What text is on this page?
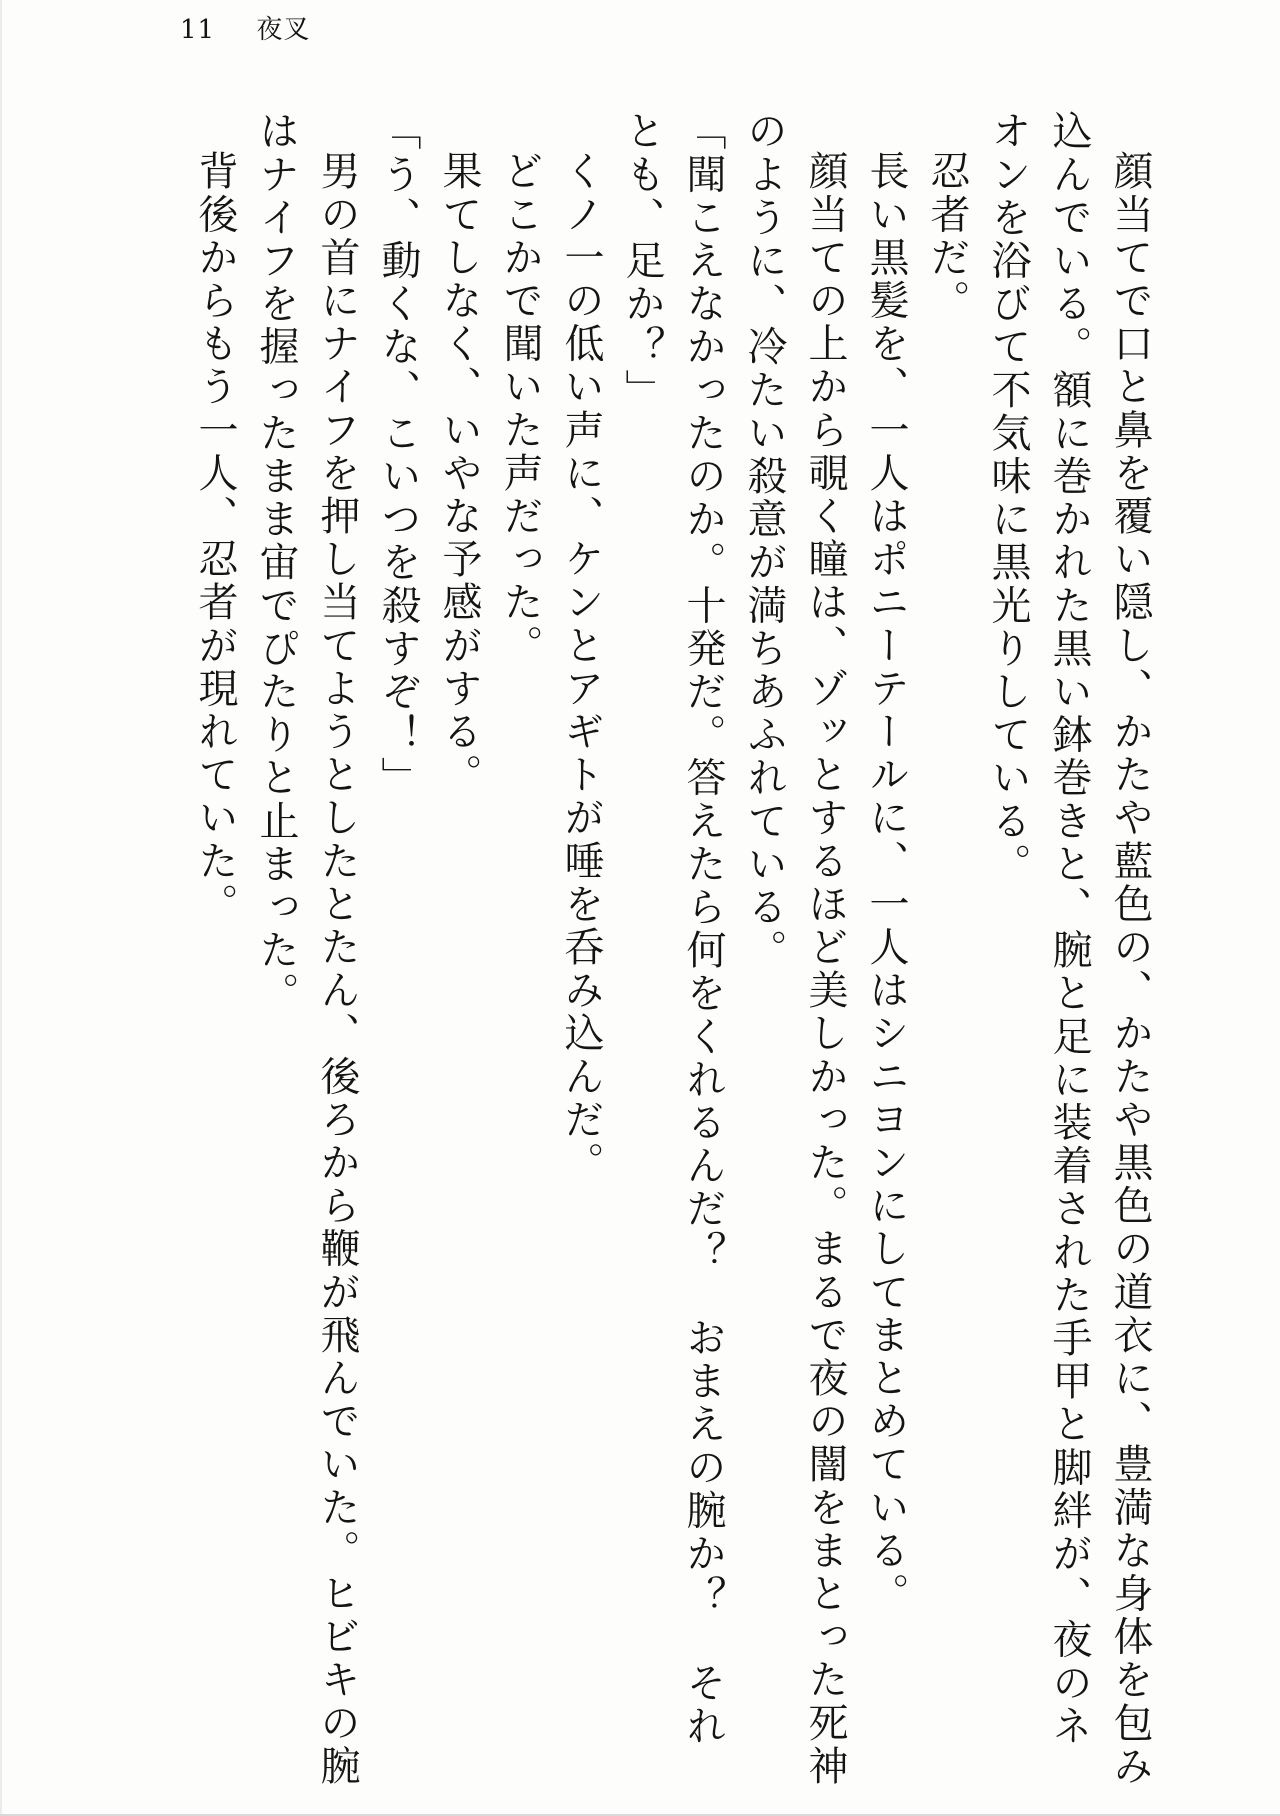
11 夜叉

顔当てで口と鼻を覆い隠し、かたや藍色の、かたや黒色の道衣に、豊満な身体を包み込んでいる。額に巻かれた黒い鉢巻きと、腕と足に装着された手甲と脚絆が、夜のネオンを浴びて不気味に黒光りしている。

忍者だ。

長い黒髪を、一人はポニーテールに、一人はシニヨンにしてまとめている。

顔当ての上から覗く瞳は、ゾッとするほど美しかった。まるで夜の闇をまとった死神のように、冷たい殺意が満ちあふれている。

「聞こえなかったのか。十発だ。答えたら何をくれるんだ？　おまえの腕か？　それとも、足か？」

くノ一の低い声に、ケンとアギトが唾を呑み込んだ。

どこかで聞いた声だった。

果てしなく、いやな予感がする。

「う、動くな、こいつを殺すぞ！」

男の首にナイフを押し当てようとしたとたん、後ろから鞭が飛んでいた。ヒビキの腕はナイフを握ったまま宙でぴたりと止まった。

背後からもう一人、忍者が現れていた。
